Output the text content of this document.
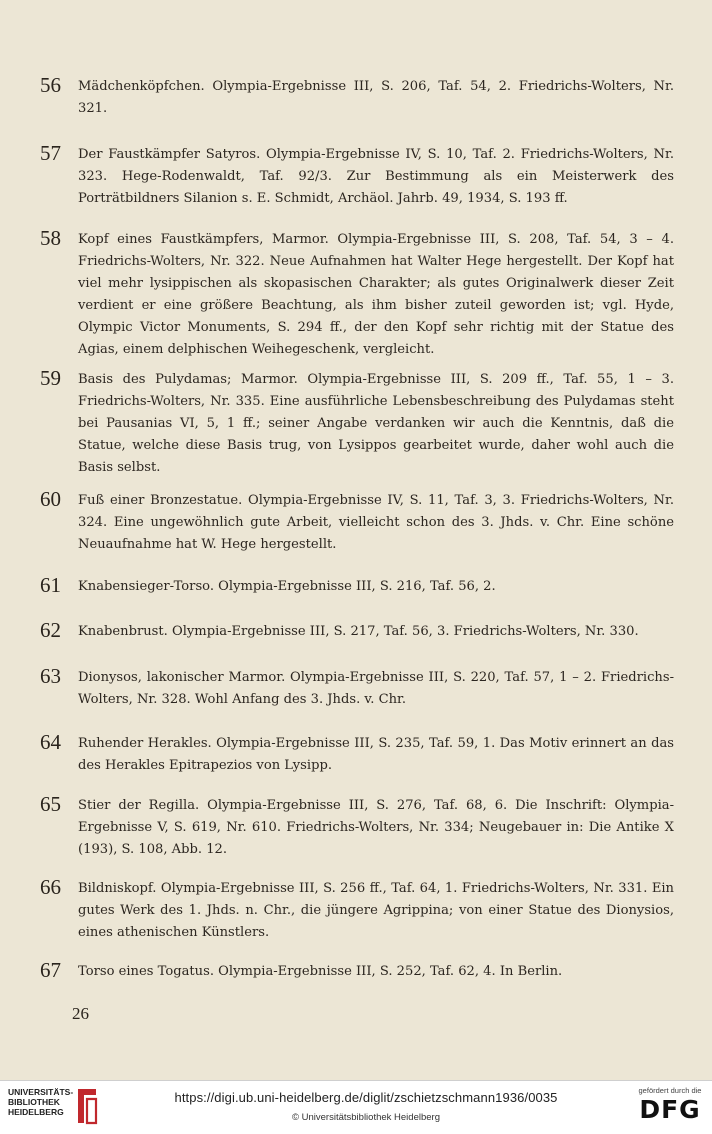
56	Mädchenköpfchen. Olympia-Ergebnisse III, S. 206, Taf. 54, 2. Friedrichs-Wolters, Nr. 321.
57	Der Faustkämpfer Satyros. Olympia-Ergebnisse IV, S. 10, Taf. 2. Friedrichs-Wolters, Nr. 323. Hege-Rodenwaldt, Taf. 92/3. Zur Bestimmung als ein Meisterwerk des Porträtbildners Silanion s. E. Schmidt, Archäol. Jahrb. 49, 1934, S. 193 ff.
58	Kopf eines Faustkämpfers, Marmor. Olympia-Ergebnisse III, S. 208, Taf. 54, 3 – 4. Friedrichs-Wolters, Nr. 322. Neue Aufnahmen hat Walter Hege hergestellt. Der Kopf hat viel mehr lysippischen als skopasischen Charakter; als gutes Originalwerk dieser Zeit verdient er eine größere Beachtung, als ihm bisher zuteil geworden ist; vgl. Hyde, Olympic Victor Monuments, S. 294 ff., der den Kopf sehr richtig mit der Statue des Agias, einem delphischen Weihegeschenk, vergleicht.
59	Basis des Pulydamas; Marmor. Olympia-Ergebnisse III, S. 209 ff., Taf. 55, 1 – 3. Friedrichs-Wolters, Nr. 335. Eine ausführliche Lebensbeschreibung des Pulydamas steht bei Pausanias VI, 5, 1 ff.; seiner Angabe verdanken wir auch die Kenntnis, daß die Statue, welche diese Basis trug, von Lysippos gearbeitet wurde, daher wohl auch die Basis selbst.
60	Fuß einer Bronzestatue. Olympia-Ergebnisse IV, S. 11, Taf. 3, 3. Friedrichs-Wolters, Nr. 324. Eine ungewöhnlich gute Arbeit, vielleicht schon des 3. Jhds. v. Chr. Eine schöne Neuaufnahme hat W. Hege hergestellt.
61	Knabensieger-Torso. Olympia-Ergebnisse III, S. 216, Taf. 56, 2.
62	Knabenbrust. Olympia-Ergebnisse III, S. 217, Taf. 56, 3. Friedrichs-Wolters, Nr. 330.
63	Dionysos, lakonischer Marmor. Olympia-Ergebnisse III, S. 220, Taf. 57, 1 – 2. Friedrichs-Wolters, Nr. 328. Wohl Anfang des 3. Jhds. v. Chr.
64	Ruhender Herakles. Olympia-Ergebnisse III, S. 235, Taf. 59, 1. Das Motiv erinnert an das des Herakles Epitrapezios von Lysipp.
65	Stier der Regilla. Olympia-Ergebnisse III, S. 276, Taf. 68, 6. Die Inschrift: Olympia-Ergebnisse V, S. 619, Nr. 610. Friedrichs-Wolters, Nr. 334; Neugebauer in: Die Antike X (193), S. 108, Abb. 12.
66	Bildniskopf. Olympia-Ergebnisse III, S. 256 ff., Taf. 64, 1. Friedrichs-Wolters, Nr. 331. Ein gutes Werk des 1. Jhds. n. Chr., die jüngere Agrippina; von einer Statue des Dionysios, eines athenischen Künstlers.
67	Torso eines Togatus. Olympia-Ergebnisse III, S. 252, Taf. 62, 4. In Berlin.
26
UNIVERSITÄTS-
BIBLIOTHEK
HEIDELBERG
https://digi.ub.uni-heidelberg.de/diglit/zschietzschmann1936/0035
© Universitätsbibliothek Heidelberg
gefördert durch die
DFG
